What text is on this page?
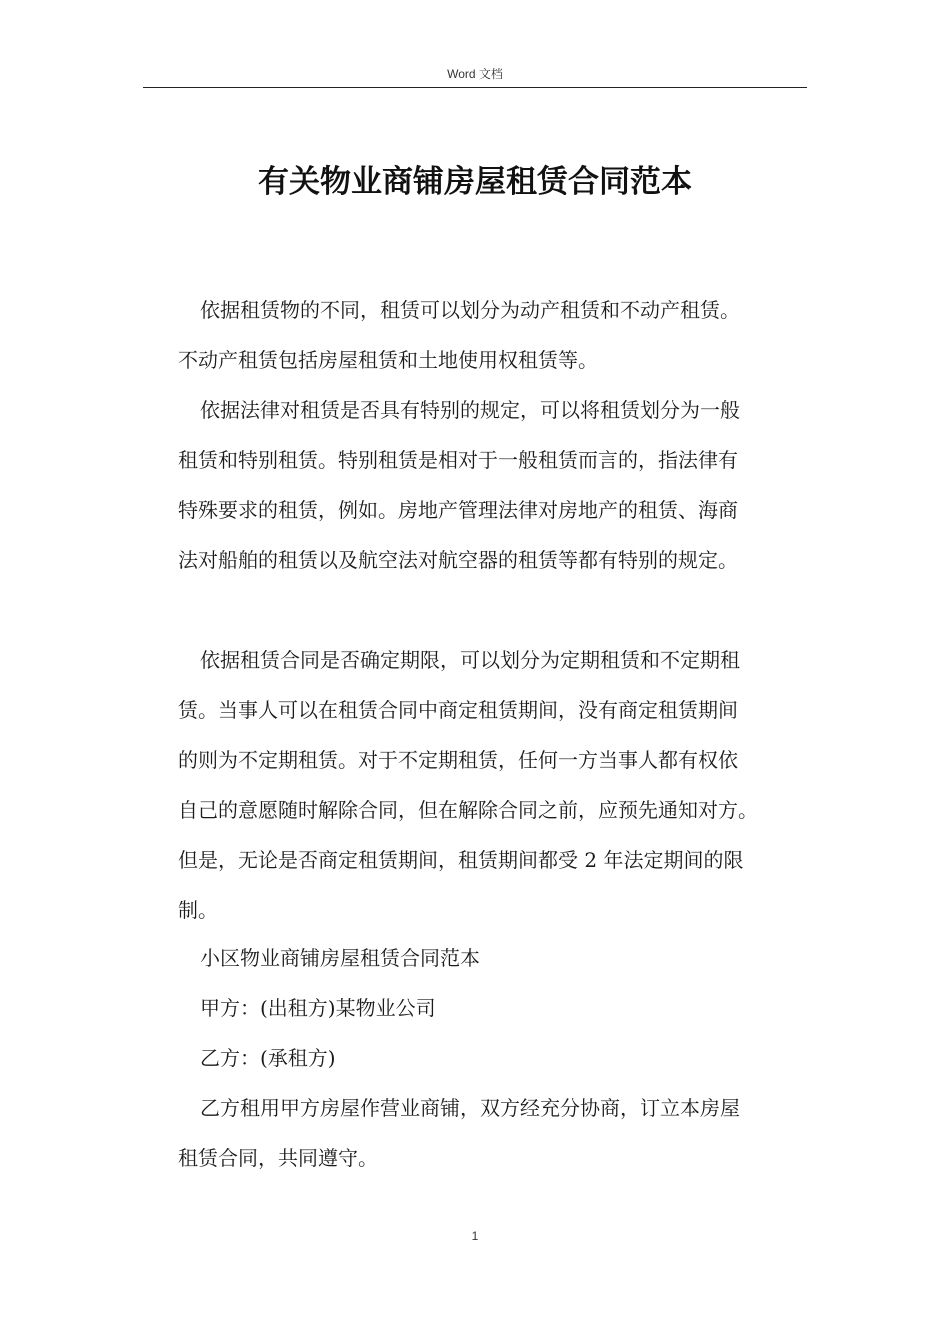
Word 文档
有关物业商铺房屋租赁合同范本

依据租赁物的不同，租赁可以划分为动产租赁和不动产租赁。

不动产租赁包括房屋租赁和土地使用权租赁等。

依据法律对租赁是否具有特别的规定，可以将租赁划分为一般

租赁和特别租赁。特别租赁是相对于一般租赁而言的，指法律有

特殊要求的租赁，例如。房地产管理法律对房地产的租赁、海商

法对船舶的租赁以及航空法对航空器的租赁等都有特别的规定。

依据租赁合同是否确定期限，可以划分为定期租赁和不定期租

赁。当事人可以在租赁合同中商定租赁期间，没有商定租赁期间

的则为不定期租赁。对于不定期租赁，任何一方当事人都有权依

自己的意愿随时解除合同，但在解除合同之前，应预先通知对方。

但是，无论是否商定租赁期间，租赁期间都受 2 年法定期间的限

制。

小区物业商铺房屋租赁合同范本

甲方：(出租方)某物业公司

乙方：(承租方)

乙方租用甲方房屋作营业商铺，双方经充分协商，订立本房屋

租赁合同，共同遵守。

1
